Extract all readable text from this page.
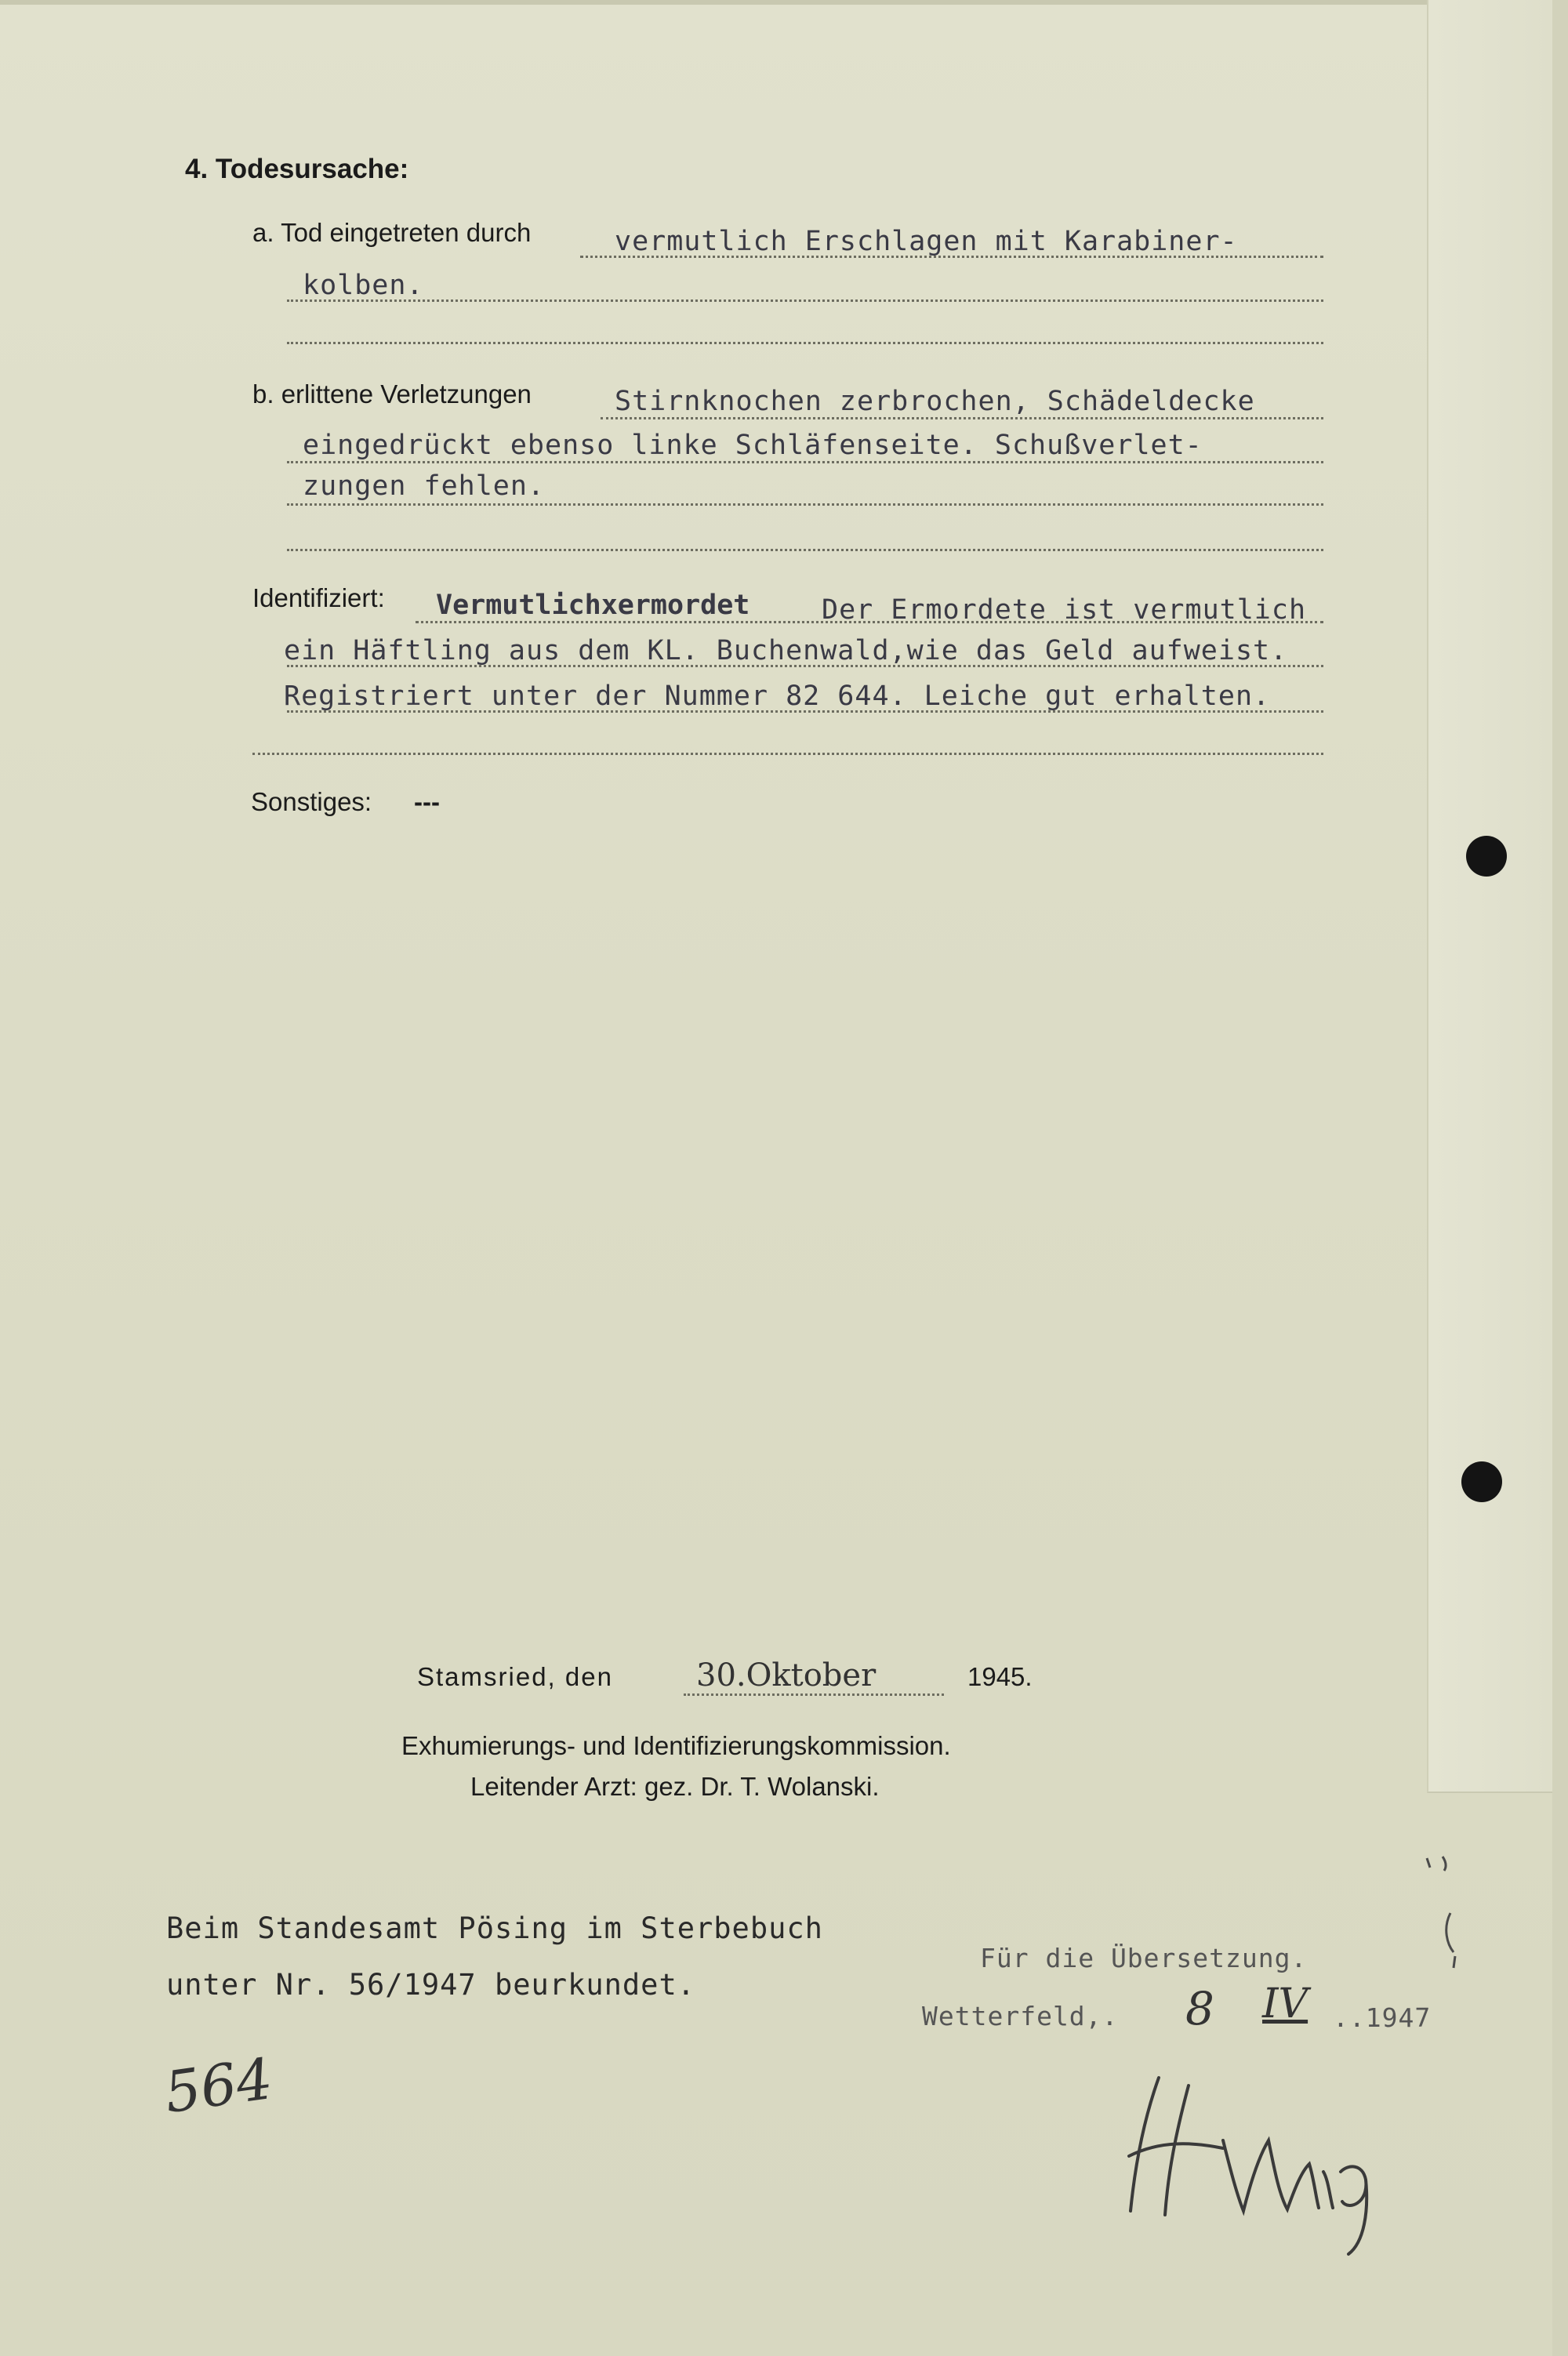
4. Todesursache:
a. Tod eingetreten durch	vermutlich Erschlagen mit Karabiner-
kolben.
b. erlittene Verletzungen	Stirnknochen zerbrochen, Schädeldecke
eingedrückt ebenso linke Schläfenseite. Schußverlet-
zungen fehlen.
Identifiziert: Vermutlichxermordet	Der Ermordete ist vermutlich
ein Häftling aus dem KL. Buchenwald,wie das Geld aufweist.
Registriert unter der Nummer 82 644. Leiche gut erhalten.
Sonstiges: ---
Stamsried, den	30.Oktober	1945.
Exhumierungs- und Identifizierungskommission.
Leitender Arzt: gez. Dr. T. Wolanski.
Beim Standesamt Pösing im Sterbebuch
unter Nr. 56/1947 beurkundet.
Für die Übersetzung.
Wetterfeld,. 8 IV ..1947
564
